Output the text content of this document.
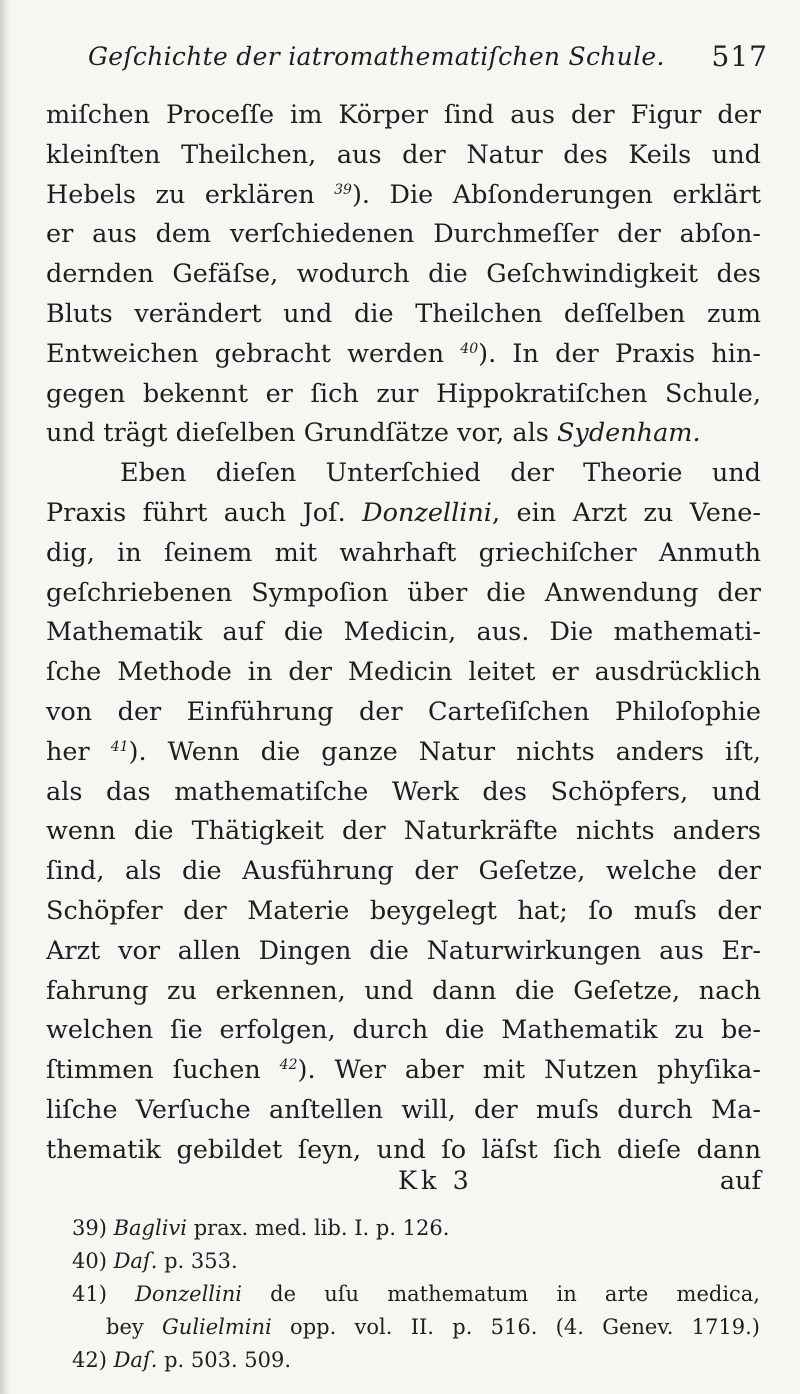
Geſchichte der iatromathematiſchen Schule. 517
miſchen Proceſſe im Körper ſind aus der Figur der
kleinſten Theilchen, aus der Natur des Keils und
Hebels zu erklären $^{39}$). Die Abſonderungen erklärt
er aus dem verſchiedenen Durchmeſſer der abſon-
dernden Gefäſse, wodurch die Geſchwindigkeit des
Bluts verändert und die Theilchen deſſelben zum
Entweichen gebracht werden $^{40}$). In der Praxis hin-
gegen bekennt er ſich zur Hippokratiſchen Schule,
und trägt dieſelben Grundſätze vor, als Sydenham.
Eben dieſen Unterſchied der Theorie und
Praxis führt auch Joſ. Donzellini, ein Arzt zu Vene-
dig, in ſeinem mit wahrhaft griechiſcher Anmuth
geſchriebenen Sympoſion über die Anwendung der
Mathematik auf die Medicin, aus. Die mathemati-
ſche Methode in der Medicin leitet er ausdrücklich
von der Einführung der Carteſiſchen Philoſophie
her $^{41}$). Wenn die ganze Natur nichts anders iſt,
als das mathematiſche Werk des Schöpfers, und
wenn die Thätigkeit der Naturkräfte nichts anders
ſind, als die Ausführung der Geſetze, welche der
Schöpfer der Materie beygelegt hat; ſo muſs der
Arzt vor allen Dingen die Naturwirkungen aus Er-
fahrung zu erkennen, und dann die Geſetze, nach
welchen ſie erfolgen, durch die Mathematik zu be-
ſtimmen ſuchen $^{42}$). Wer aber mit Nutzen phyſika-
liſche Verſuche anſtellen will, der muſs durch Ma-
thematik gebildet ſeyn, und ſo läſst ſich dieſe dann
Kk 3	auf
39) Baglivi prax. med. lib. I. p. 126.
40) Daſ. p. 353.
41) Donzellini de uſu mathematum in arte medica,
bey Gulielmini opp. vol. II. p. 516. (4. Genev. 1719.)
42) Daſ. p. 503. 509.
